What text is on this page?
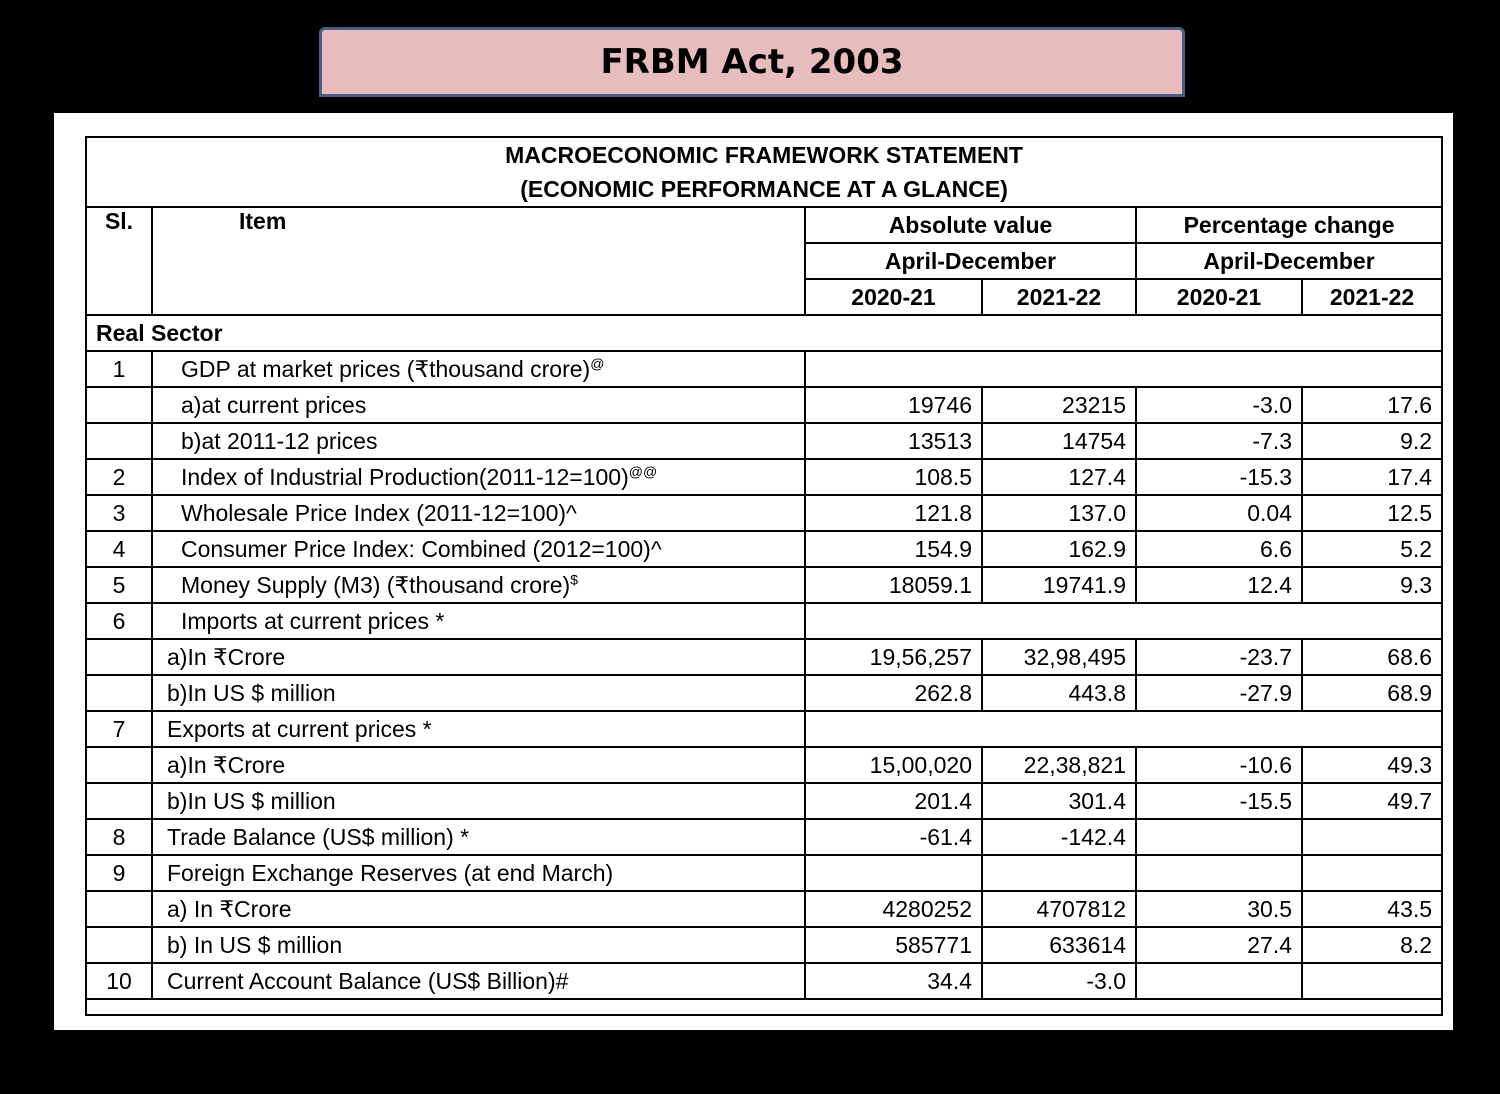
FRBM Act, 2003
MACROECONOMIC FRAMEWORK STATEMENT
(ECONOMIC PERFORMANCE AT A GLANCE)					

Sl.	Item	Absolute value		Percentage change	
		April-December		April-December	
		2020-21	2021-22	2020-21	2021-22
Real Sector					
1	GDP at market prices (₹thousand crore)@	
	a)at current prices	19746	23215	-3.0	17.6
	b)at 2011-12 prices	13513	14754	-7.3	9.2
2	Index of Industrial Production(2011-12=100)@@	108.5	127.4	-15.3	17.4
3	Wholesale Price Index (2011-12=100)^	121.8	137.0	0.04	12.5
4	Consumer Price Index: Combined (2012=100)^	154.9	162.9	6.6	5.2
5	Money Supply (M3) (₹thousand crore)$	18059.1	19741.9	12.4	9.3
6	Imports at current prices *				
	a)In ₹Crore	19,56,257	32,98,495	-23.7	68.6
	b)In US $ million	262.8	443.8	-27.9	68.9
7	Exports at current prices *				
	a)In ₹Crore	15,00,020	22,38,821	-10.6	49.3
	b)In US $ million	201.4	301.4	-15.5	49.7
8	Trade Balance (US$ million) *	-61.4	-142.4		
9	Foreign Exchange Reserves (at end March)				
	a) In ₹Crore	4280252	4707812	30.5	43.5
	b) In US $ million	585771	633614	27.4	8.2
10	Current Account Balance (US$ Billion)#	34.4	-3.0		
